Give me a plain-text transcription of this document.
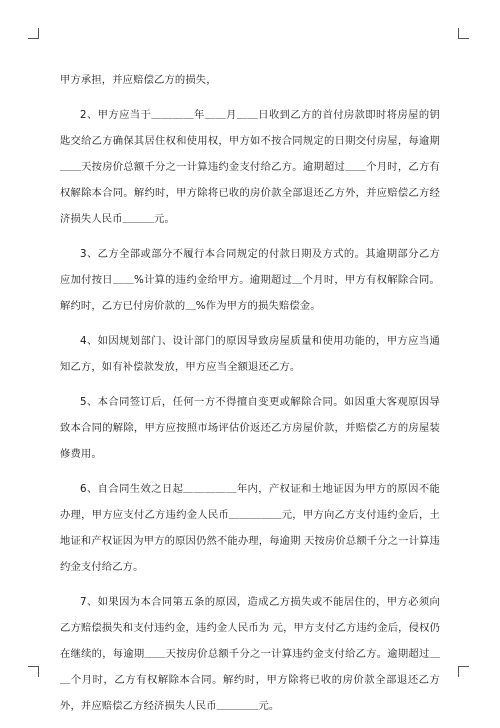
甲方承担，并应赔偿乙方的损失，

2、甲方应当于＿＿＿＿年＿＿月＿＿日收到乙方的首付房款即时将房屋的钥匙交给乙方确保其居住权和使用权，甲方如不按合同规定的日期交付房屋，每逾期＿＿天按房价总额千分之一计算违约金支付给乙方。逾期超过＿＿个月时，乙方有权解除本合同。解约时，甲方除将已收的房价款全部退还乙方外，并应赔偿乙方经济损失人民币＿＿＿元。

3、乙方全部或部分不履行本合同规定的付款日期及方式的。其逾期部分乙方应加付按日＿＿%计算的违约金给甲方。逾期超过＿个月时，甲方有权解除合同。解约时，乙方已付房价款的＿%作为甲方的损失赔偿金。

4、如因规划部门、设计部门的原因导致房屋质量和使用功能的，甲方应当通知乙方，如有补偿款发放，甲方应当全额退还乙方。

5、本合同签订后，任何一方不得擅自变更或解除合同。如因重大客观原因导致本合同的解除，甲方应按照市场评估价返还乙方房屋价款，并赔偿乙方的房屋装修费用。

6、自合同生效之日起＿＿＿＿＿年内，产权证和土地证因为甲方的原因不能办理，甲方应支付乙方违约金人民币＿＿＿＿＿元，甲方向乙方支付违约金后，土地证和产权证因为甲方的原因仍然不能办理，每逾期 天按房价总额千分之一计算违约金支付给乙方。

7、如果因为本合同第五条的原因，造成乙方损失或不能居住的，甲方必须向乙方赔偿损失和支付违约金，违约金人民币为 元，甲方支付乙方违约金后，侵权仍在继续的，每逾期＿＿天按房价总额千分之一计算违约金支付给乙方。逾期超过＿＿个月时，乙方有权解除本合同。解约时，甲方除将已收的房价款全部退还乙方外，并应赔偿乙方经济损失人民币＿＿＿＿元。
